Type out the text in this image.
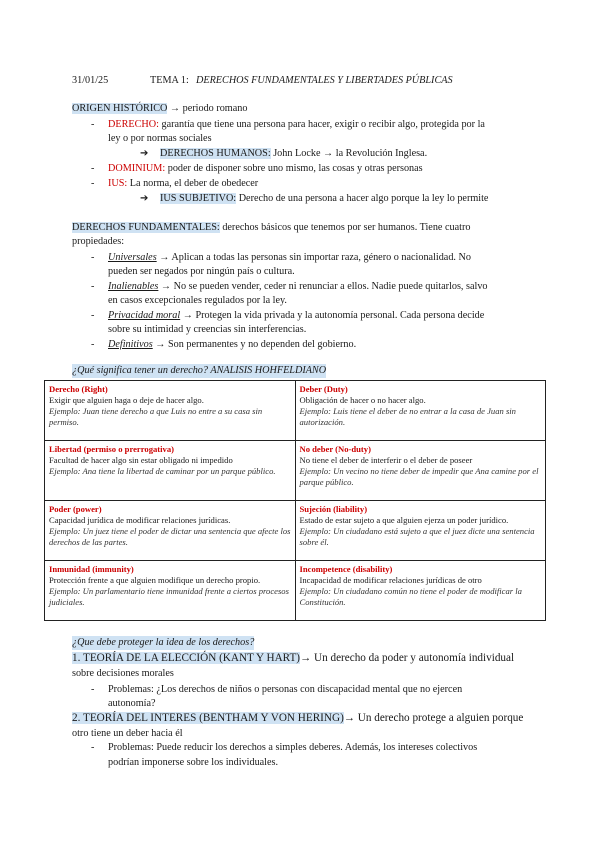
31/01/25	TEMA 1: DERECHOS FUNDAMENTALES Y LIBERTADES PÚBLICAS
ORIGEN HISTÓRICO → periodo romano
- DERECHO: garantía que tiene una persona para hacer, exigir o recibir algo, protegida por la
ley o por normas sociales
➔ DERECHOS HUMANOS: John Locke → la Revolución Inglesa.
- DOMINIUM: poder de disponer sobre uno mismo, las cosas y otras personas
- IUS: La norma, el deber de obedecer
➔ IUS SUBJETIVO: Derecho de una persona a hacer algo porque la ley lo permite
DERECHOS FUNDAMENTALES: derechos básicos que tenemos por ser humanos. Tiene cuatro
propiedades:
- Universales → Aplican a todas las personas sin importar raza, género o nacionalidad. No
pueden ser negados por ningún país o cultura.
- Inalienables → No se pueden vender, ceder ni renunciar a ellos. Nadie puede quitarlos, salvo
en casos excepcionales regulados por la ley.
- Privacidad moral → Protegen la vida privada y la autonomía personal. Cada persona decide
sobre su intimidad y creencias sin interferencias.
- Definitivos → Son permanentes y no dependen del gobierno.
¿Qué significa tener un derecho? ANALISIS HOHFELDIANO
Derecho (Right)
Exigir que alguien haga o deje de hacer algo.
Ejemplo: Juan tiene derecho a que Luis no entre a su casa sin permiso.	Deber (Duty)
Obligación de hacer o no hacer algo.
Ejemplo: Luis tiene el deber de no entrar a la casa de Juan sin autorización.

Libertad (permiso o prerrogativa)
Facultad de hacer algo sin estar obligado ni impedido
Ejemplo: Ana tiene la libertad de caminar por un parque público.	No deber (No-duty)
No tiene el deber de interferir o el deber de poseer
Ejemplo: Un vecino no tiene deber de impedir que Ana camine por el parque público.

Poder (power)
Capacidad jurídica de modificar relaciones jurídicas.
Ejemplo: Un juez tiene el poder de dictar una sentencia que afecte los derechos de las partes.	Sujeción (liability)
Estado de estar sujeto a que alguien ejerza un poder jurídico.
Ejemplo: Un ciudadano está sujeto a que el juez dicte una sentencia sobre él.

Inmunidad (immunity)
Protección frente a que alguien modifique un derecho propio.
Ejemplo: Un parlamentario tiene inmunidad frente a ciertos procesos judiciales.	Incompetence (disability)
Incapacidad de modificar relaciones jurídicas de otro
Ejemplo: Un ciudadano común no tiene el poder de modificar la Constitución.
¿Que debe proteger la idea de los derechos?
1. TEORÍA DE LA ELECCIÓN (KANT Y HART)→ Un derecho da poder y autonomía individual
sobre decisiones morales
- Problemas: ¿Los derechos de niños o personas con discapacidad mental que no ejercen
autonomía?
2. TEORÍA DEL INTERES (BENTHAM Y VON HERING)→ Un derecho protege a alguien porque
otro tiene un deber hacia él
- Problemas: Puede reducir los derechos a simples deberes. Además, los intereses colectivos
podrían imponerse sobre los individuales.
